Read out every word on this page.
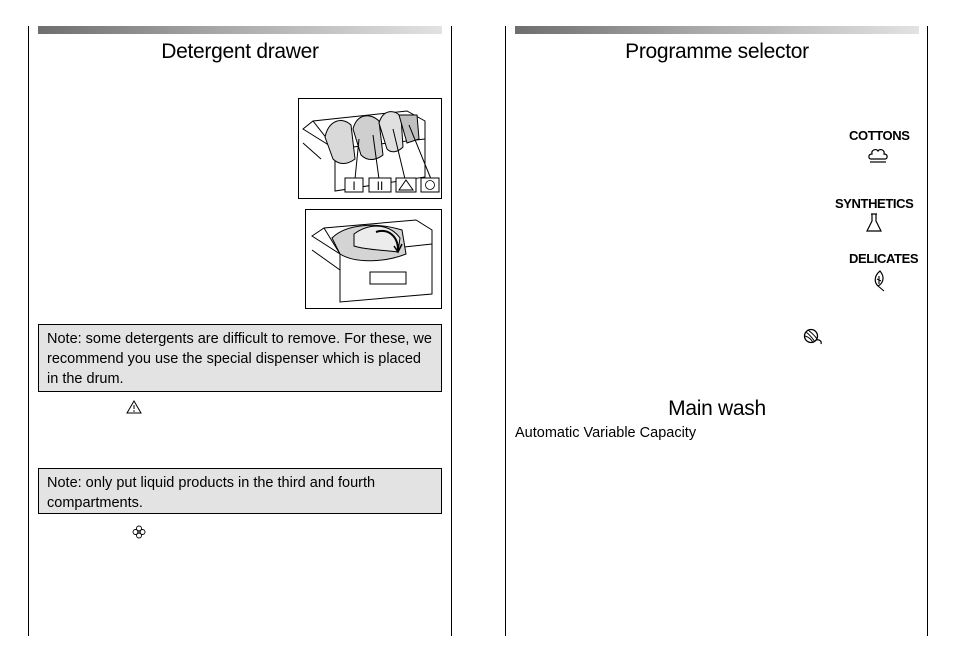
Detergent drawer
I II
Note: some detergents are difficult to remove. For these, we recommend you use the special dispenser which is placed in the drum.
Note: only put liquid products in the third and fourth compartments.
Programme selector
COTTONS
SYNTHETICS
DELICATES
Main wash
Automatic Variable Capacity
